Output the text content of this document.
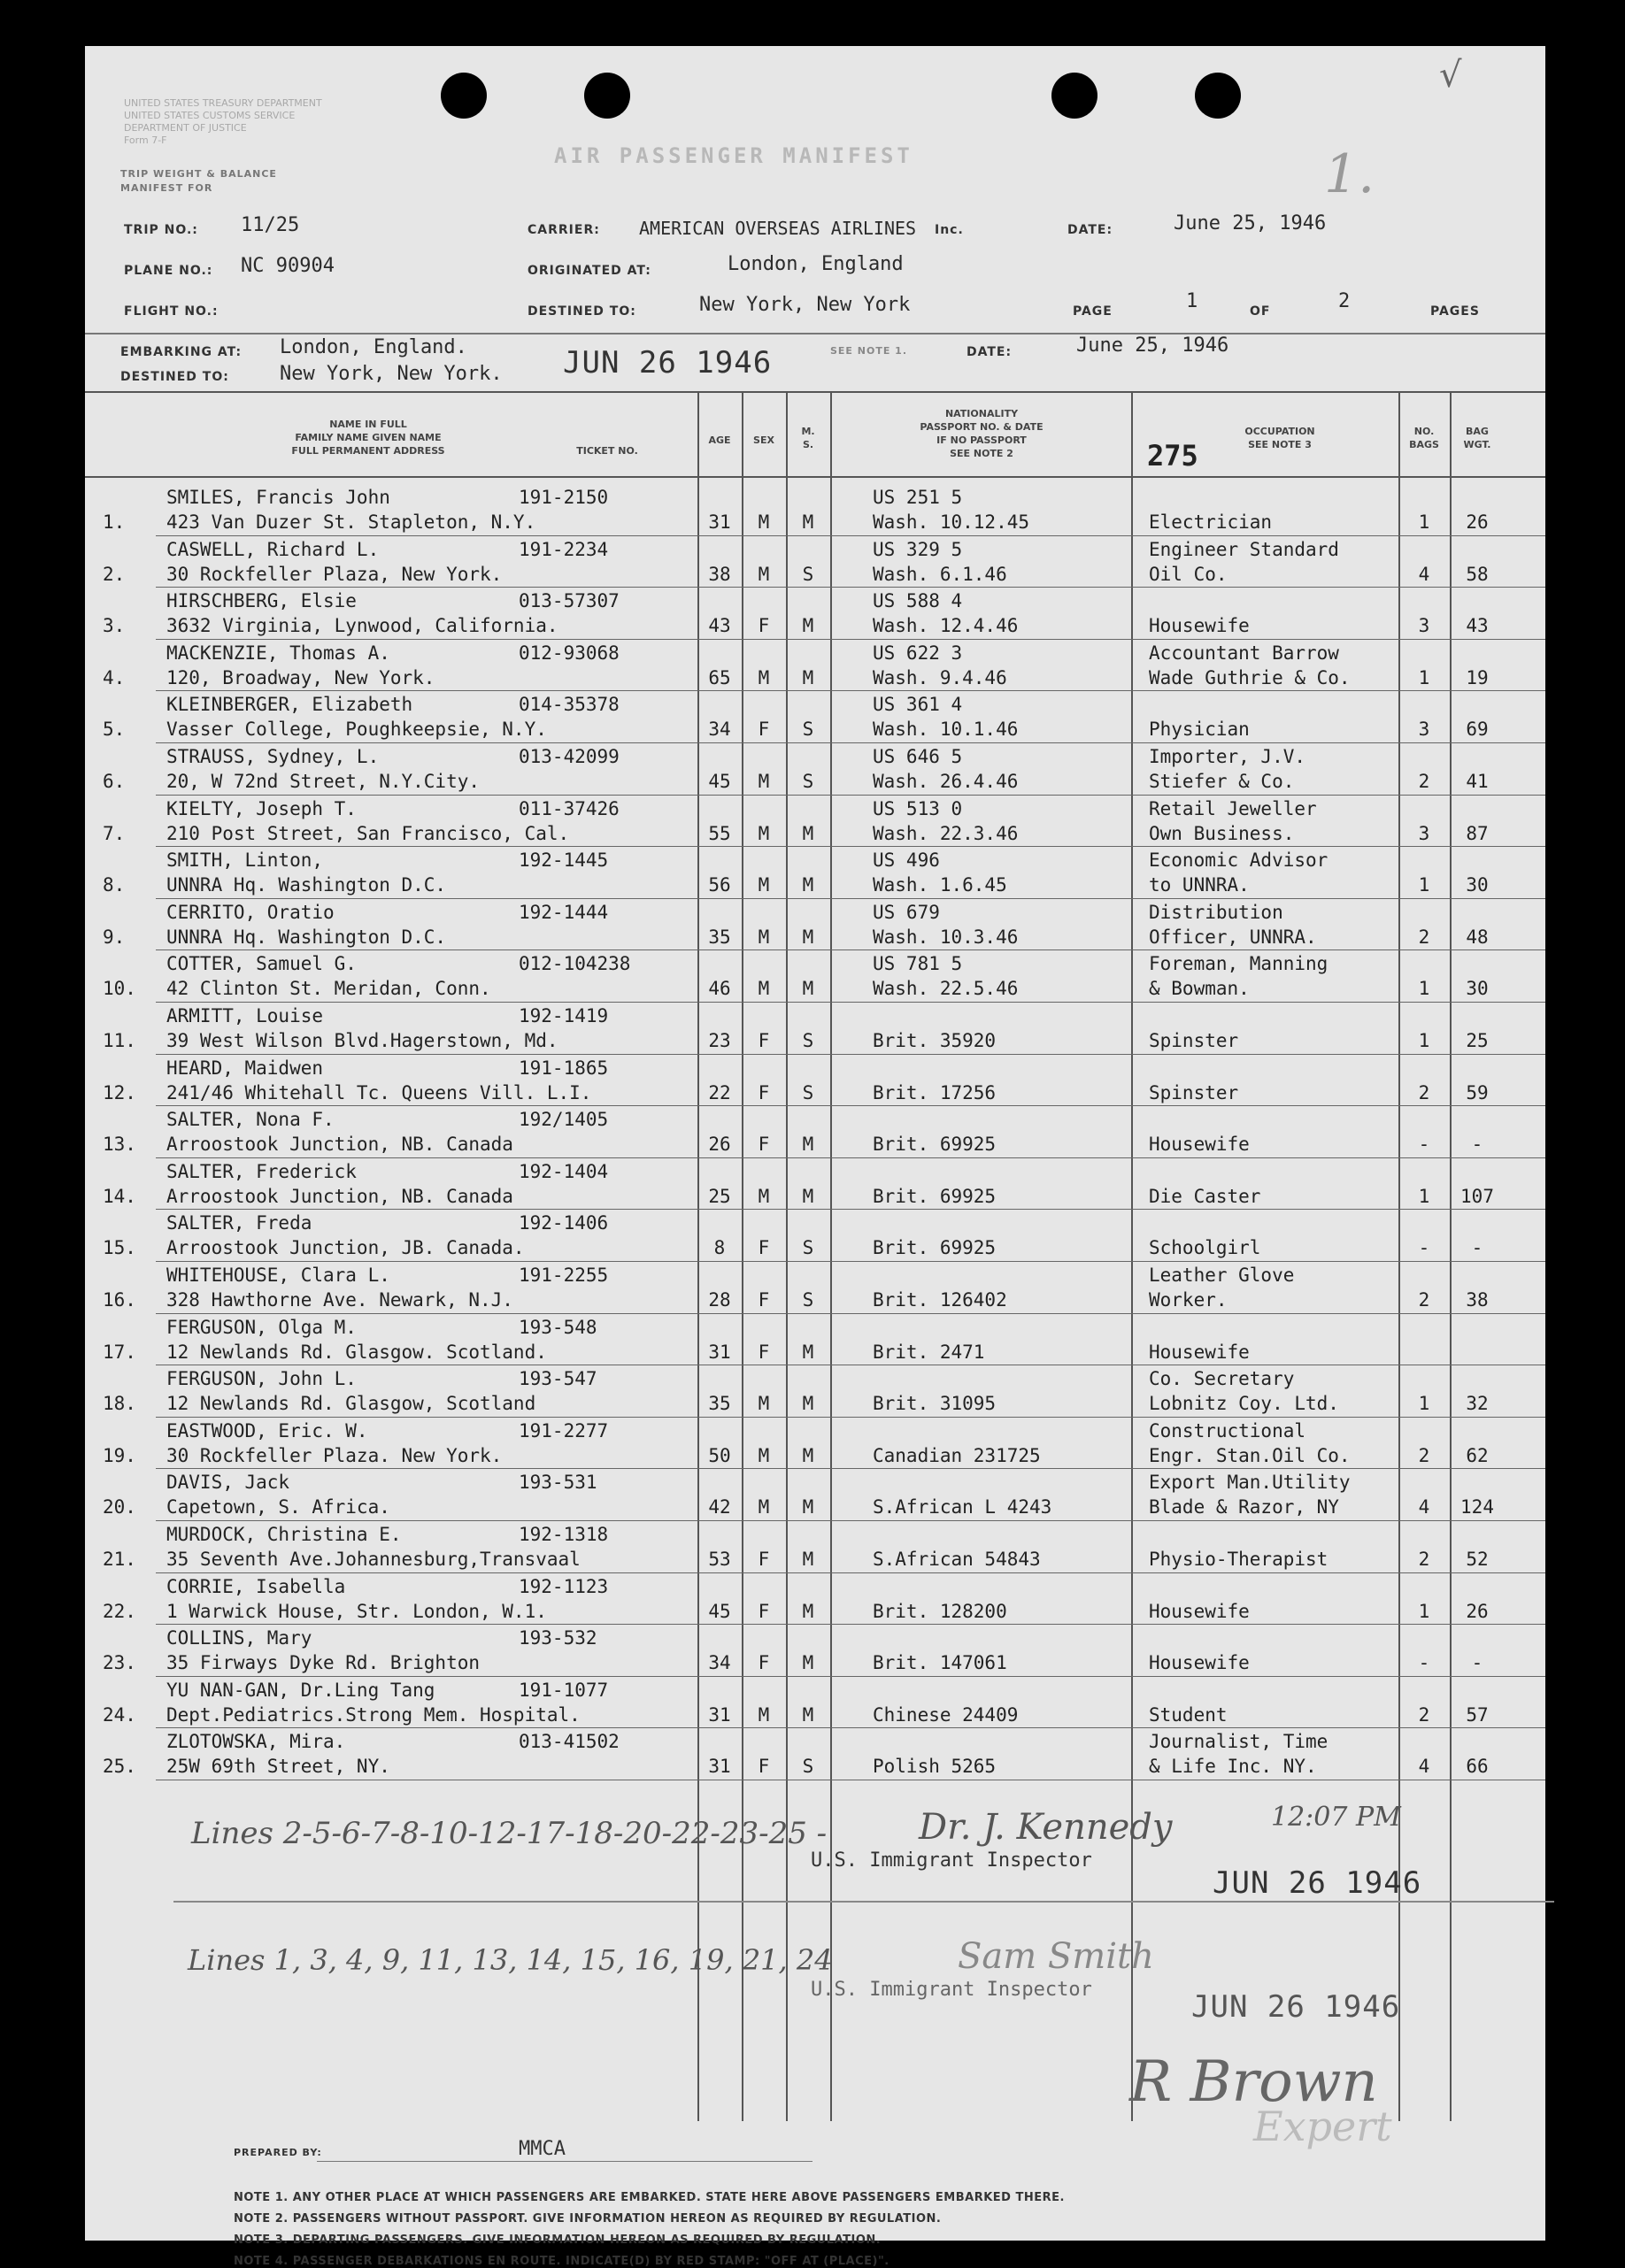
√
1.
UNITED STATES TREASURY DEPARTMENT
UNITED STATES CUSTOMS SERVICE
DEPARTMENT OF JUSTICE
Form 7-F
TRIP WEIGHT & BALANCE
MANIFEST FOR
AIR PASSENGER MANIFEST
TRIP NO.: 11/25
PLANE NO.: NC 90904
FLIGHT NO.:
CARRIER: AMERICAN OVERSEAS AIRLINES Inc.
ORIGINATED AT:	London, England
DESTINED TO:	New York, New York
DATE:	June 25, 1946
PAGE	1	OF	2	PAGES
EMBARKING AT: London, England.
DESTINED TO:	New York, New York. JUN 26 1946	SEE NOTE 1.	DATE:	June 25, 1946
NAME IN FULL
FAMILY NAME GIVEN NAME
FULL PERMANENT ADDRESS	TICKET NO.
AGE	SEX
M.
S.
NATIONALITY
PASSPORT NO. & DATE
IF NO PASSPORT
SEE NOTE 2
OCCUPATION
SEE NOTE 3
275
NO.
BAGS
BAG
WGT.
1.
SMILES, Francis John
423 Van Duzer St. Stapleton, N.Y.
191-2150
31	M	M
US 251 5
Wash. 10.12.45	Electrician	1	26
2.
CASWELL, Richard L.
30 Rockfeller Plaza, New York.
191-2234
38	M	S
US 329 5
Wash. 6.1.46
Engineer Standard
Oil Co.	4	58
3.
HIRSCHBERG, Elsie
3632 Virginia, Lynwood, California.
013-57307
43	F	M
US 588 4
Wash. 12.4.46	Housewife	3	43
4.
MACKENZIE, Thomas A.
120, Broadway, New York.
012-93068
65	M	M
US 622 3
Wash. 9.4.46
Accountant Barrow
Wade Guthrie & Co.	1	19
5.
KLEINBERGER, Elizabeth
Vasser College, Poughkeepsie, N.Y.
014-35378
34	F	S
US 361 4
Wash. 10.1.46	Physician	3	69
6.
STRAUSS, Sydney, L.
20, W 72nd Street, N.Y.City.
013-42099
45	M	S
US 646 5
Wash. 26.4.46
Importer, J.V.
Stiefer & Co.	2	41
7.
KIELTY, Joseph T.
210 Post Street, San Francisco, Cal.
011-37426
55	M	M
US 513 0
Wash. 22.3.46
Retail Jeweller
Own Business.	3	87
8.
SMITH, Linton,
UNNRA Hq. Washington D.C.
192-1445
56	M	M
US 496
Wash. 1.6.45
Economic Advisor
to UNNRA.	1	30
9.
CERRITO, Oratio
UNNRA Hq. Washington D.C.
192-1444
35	M	M
US 679
Wash. 10.3.46
Distribution
Officer, UNNRA.	2	48
10.
COTTER, Samuel G.
42 Clinton St. Meridan, Conn.
012-104238
46	M	M
US 781 5
Wash. 22.5.46
Foreman, Manning
& Bowman.	1	30
11.
ARMITT, Louise
39 West Wilson Blvd.Hagerstown, Md.
192-1419
23	F	S	Brit. 35920	Spinster	1	25
12.
HEARD, Maidwen
241/46 Whitehall Tc. Queens Vill. L.I.
191-1865
22	F	S	Brit. 17256	Spinster	2	59
13.
SALTER, Nona F.
Arroostook Junction, NB. Canada
192/1405
26	F	M	Brit. 69925	Housewife	-	-
14.
SALTER, Frederick
Arroostook Junction, NB. Canada
192-1404
25	M	M	Brit. 69925	Die Caster	1	107
15.
SALTER, Freda
Arroostook Junction, JB. Canada.
192-1406
8	F	S	Brit. 69925	Schoolgirl	-	-
16.
WHITEHOUSE, Clara L.
328 Hawthorne Ave. Newark, N.J.
191-2255
28	F	S	Brit. 126402
Leather Glove
Worker.	2	38
17.
FERGUSON, Olga M.
12 Newlands Rd. Glasgow. Scotland.
193-548
31	F	M	Brit. 2471	Housewife
18.
FERGUSON, John L.
12 Newlands Rd. Glasgow, Scotland
193-547
35	M	M	Brit. 31095
Co. Secretary
Lobnitz Coy. Ltd.	1	32
19.
EASTWOOD, Eric. W.
30 Rockfeller Plaza. New York.
191-2277
50	M	M	Canadian 231725
Constructional
Engr. Stan.Oil Co.	2	62
20.
DAVIS, Jack
Capetown, S. Africa.
193-531
42	M	M	S.African L 4243
Export Man.Utility
Blade & Razor, NY	4	124
21.
MURDOCK, Christina E.
35 Seventh Ave.Johannesburg,Transvaal
192-1318
53	F	M	S.African 54843	Physio-Therapist	2	52
22.
CORRIE, Isabella
1 Warwick House, Str. London, W.1.
192-1123
45	F	M	Brit. 128200	Housewife	1	26
23.
COLLINS, Mary
35 Firways Dyke Rd. Brighton
193-532
34	F	M	Brit. 147061	Housewife	-	-
24.
YU NAN-GAN, Dr.Ling Tang
Dept.Pediatrics.Strong Mem. Hospital.
191-1077
31	M	M	Chinese 24409	Student	2	57
25.
ZLOTOWSKA, Mira.
25W 69th Street, NY.
013-41502
31	F	S	Polish 5265
Journalist, Time
& Life Inc. NY.	4	66
Lines 2-5-6-7-8-10-12-17-18-20-22-23-25 -	Dr. J. Kennedy	12:07 PM
U.S. Immigrant Inspector
JUN 26 1946
Lines 1, 3, 4, 9, 11, 13, 14, 15, 16, 19, 21, 24	Sam Smith
U.S. Immigrant Inspector	JUN 26 1946
R Brown
Expert
PREPARED BY:	MMCA
NOTE 1. ANY OTHER PLACE AT WHICH PASSENGERS ARE EMBARKED. STATE HERE ABOVE PASSENGERS EMBARKED THERE.
NOTE 2. PASSENGERS WITHOUT PASSPORT. GIVE INFORMATION HEREON AS REQUIRED BY REGULATION.
NOTE 3. DEPARTING PASSENGERS. GIVE INFORMATION HEREON AS REQUIRED BY REGULATION.
NOTE 4. PASSENGER DEBARKATIONS EN ROUTE. INDICATE(D) BY RED STAMP: "OFF AT (PLACE)".
